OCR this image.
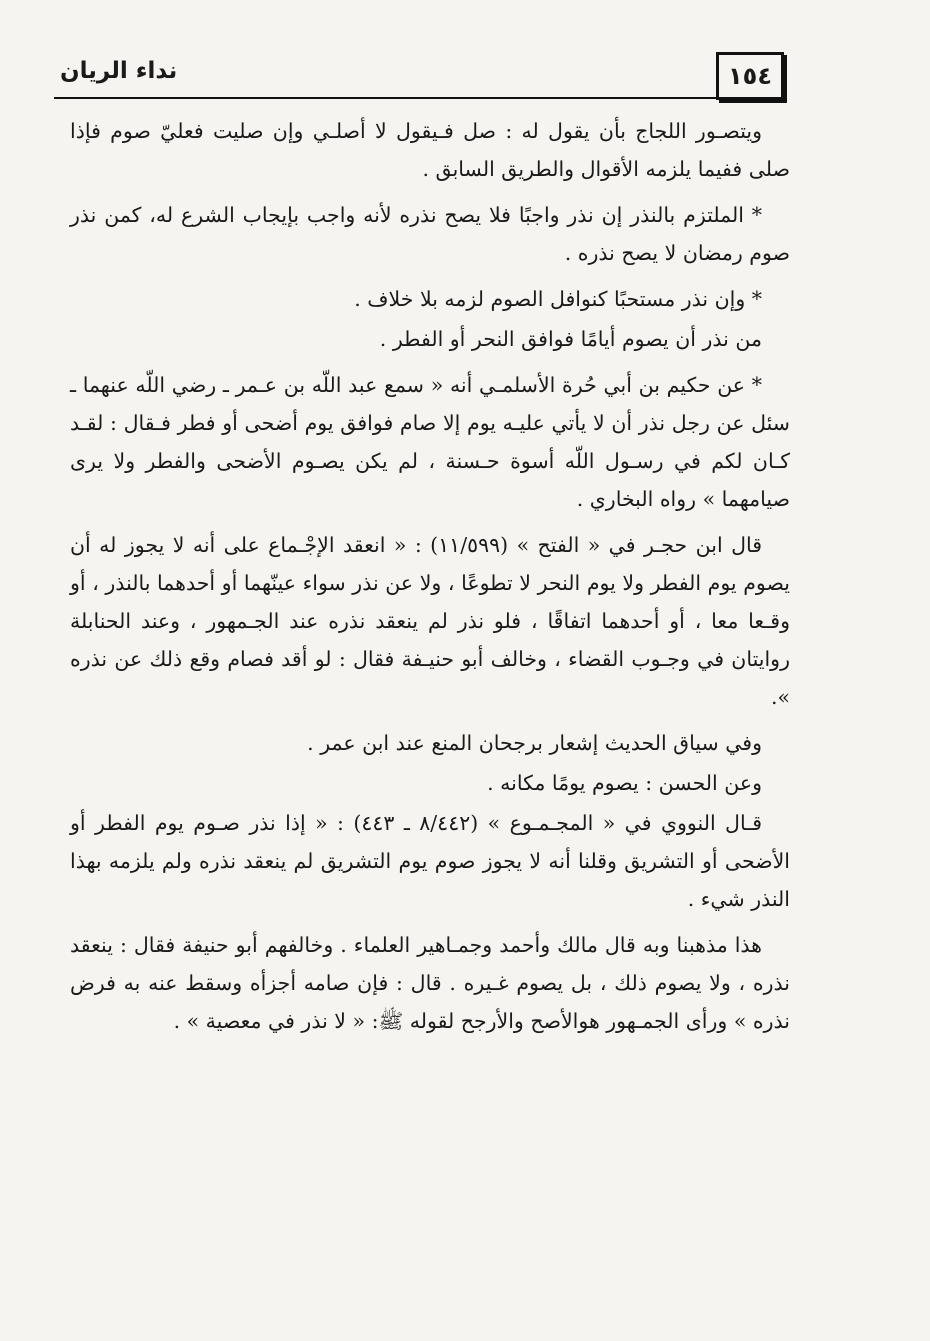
١٥٤
نداء الريان

ويتصـور اللجاج بأن يقول له : صل فـيقول لا أصلـي وإن صليت فعليّ صوم فإذا صلى ففيما يلزمه الأقوال والطريق السابق .

* الملتزم بالنذر إن نذر واجبًا فلا يصح نذره لأنه واجب بإيجاب الشرع له، كمن نذر صوم رمضان لا يصح نذره .

* وإن نذر مستحبًا كنوافل الصوم لزمه بلا خلاف .

من نذر أن يصوم أيامًا فوافق النحر أو الفطر .

* عن حكيم بن أبي حُرة الأسلمـي أنه « سمع عبد اللّه بن عـمر ـ رضي اللّه عنهما ـ سئل عن رجل نذر أن لا يأتي عليـه يوم إلا صام فوافق يوم أضحى أو فطر فـقال : لقـد كـان لكم في رسـول اللّه أسوة حـسنة ، لم يكن يصـوم الأضحى والفطر ولا يرى صيامهما » رواه البخاري .

قال ابن حجـر في « الفتح » (١١/٥٩٩) : « انعقد الإجْـماع على أنه لا يجوز له أن يصوم يوم الفطر ولا يوم النحر لا تطوعًا ، ولا عن نذر سواء عينّهما أو أحدهما بالنذر ، أو وقـعا معا ، أو أحدهما اتفاقًا ، فلو نذر لم ينعقد نذره عند الجـمهور ، وعند الحنابلة روايتان في وجـوب القضاء ، وخالف أبو حنيـفة فقال : لو أقد فصام وقع ذلك عن نذره ».

وفي سياق الحديث إشعار برجحان المنع عند ابن عمر .

وعن الحسن : يصوم يومًا مكانه .

قـال النووي في « المجـمـوع » (٨/٤٤٢ ـ ٤٤٣) : « إذا نذر صـوم يوم الفطر أو الأضحى أو التشريق وقلنا أنه لا يجوز صوم يوم التشريق لم ينعقد نذره ولم يلزمه بهذا النذر شيء .

هذا مذهبنا وبه قال مالك وأحمد وجمـاهير العلماء . وخالفهم أبو حنيفة فقال : ينعقد نذره ، ولا يصوم ذلك ، بل يصوم غـيره . قال : فإن صامه أجزأه وسقط عنه به فرض نذره » ورأى الجمـهور هوالأصح والأرجح لقوله ﷺ: « لا نذر في معصية » .
